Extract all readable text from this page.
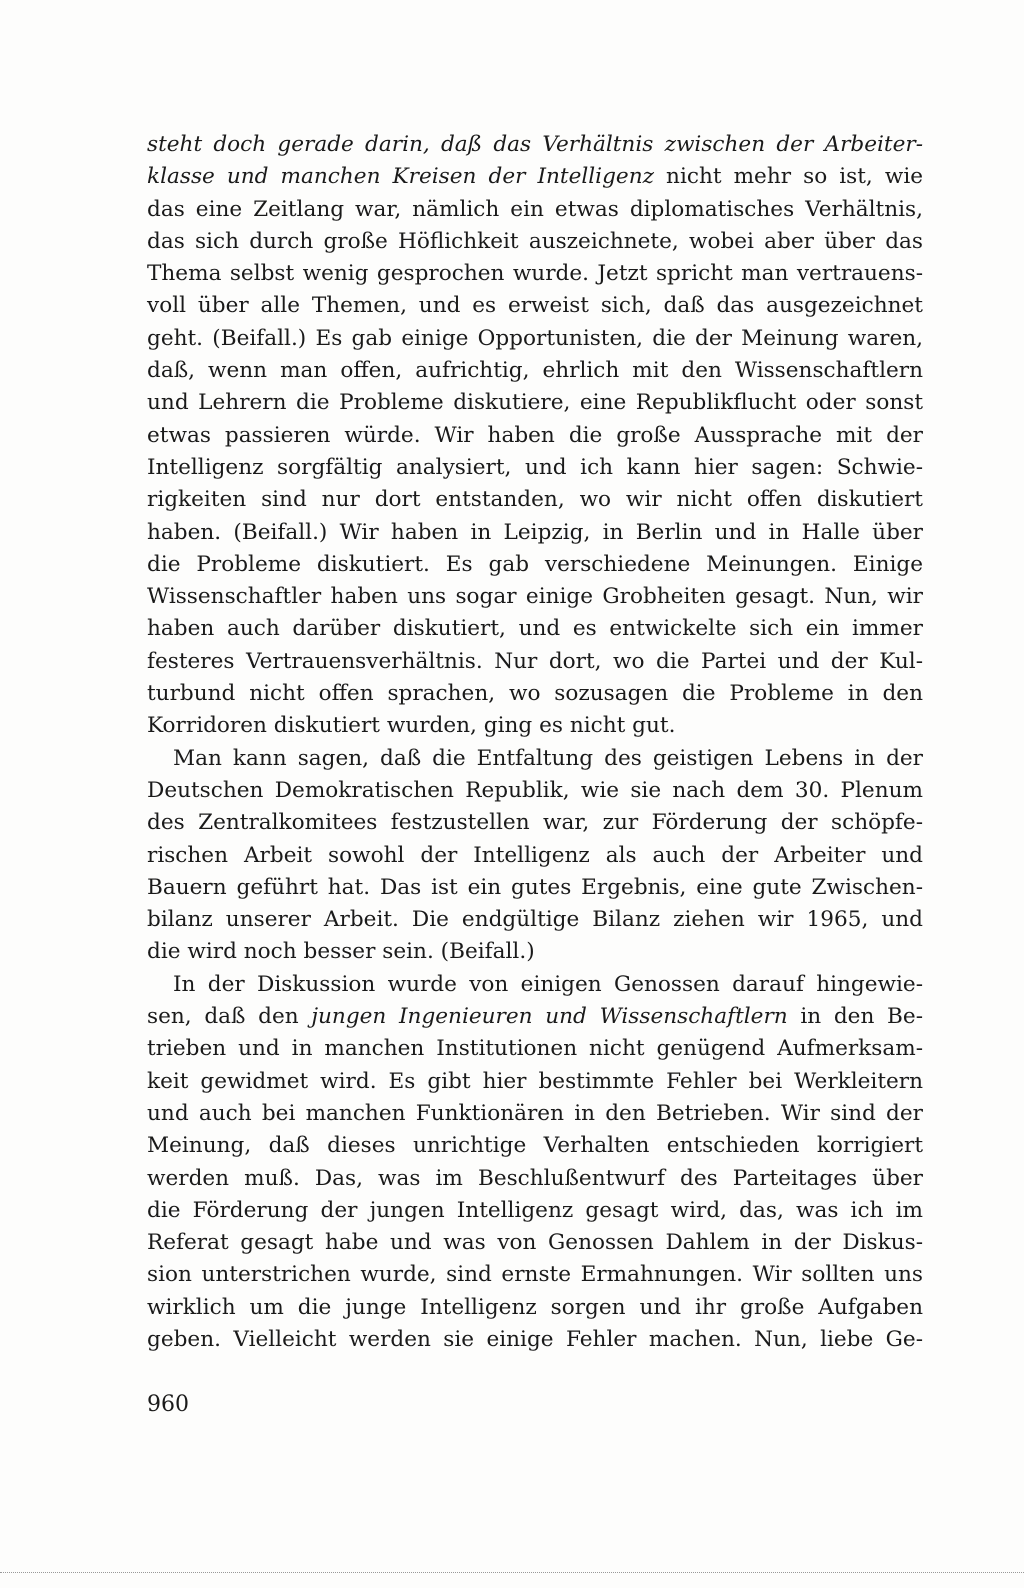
steht doch gerade darin, daß das Verhältnis zwischen der Arbeiter-
klasse und manchen Kreisen der Intelligenz nicht mehr so ist, wie
das eine Zeitlang war, nämlich ein etwas diplomatisches Verhältnis,
das sich durch große Höflichkeit auszeichnete, wobei aber über das
Thema selbst wenig gesprochen wurde. Jetzt spricht man vertrauens-
voll über alle Themen, und es erweist sich, daß das ausgezeichnet
geht. (Beifall.) Es gab einige Opportunisten, die der Meinung waren,
daß, wenn man offen, aufrichtig, ehrlich mit den Wissenschaftlern
und Lehrern die Probleme diskutiere, eine Republikflucht oder sonst
etwas passieren würde. Wir haben die große Aussprache mit der
Intelligenz sorgfältig analysiert, und ich kann hier sagen: Schwie-
rigkeiten sind nur dort entstanden, wo wir nicht offen diskutiert
haben. (Beifall.) Wir haben in Leipzig, in Berlin und in Halle über
die Probleme diskutiert. Es gab verschiedene Meinungen. Einige
Wissenschaftler haben uns sogar einige Grobheiten gesagt. Nun, wir
haben auch darüber diskutiert, und es entwickelte sich ein immer
festeres Vertrauensverhältnis. Nur dort, wo die Partei und der Kul-
turbund nicht offen sprachen, wo sozusagen die Probleme in den
Korridoren diskutiert wurden, ging es nicht gut.
Man kann sagen, daß die Entfaltung des geistigen Lebens in der
Deutschen Demokratischen Republik, wie sie nach dem 30. Plenum
des Zentralkomitees festzustellen war, zur Förderung der schöpfe-
rischen Arbeit sowohl der Intelligenz als auch der Arbeiter und
Bauern geführt hat. Das ist ein gutes Ergebnis, eine gute Zwischen-
bilanz unserer Arbeit. Die endgültige Bilanz ziehen wir 1965, und
die wird noch besser sein. (Beifall.)
In der Diskussion wurde von einigen Genossen darauf hingewie-
sen, daß den jungen Ingenieuren und Wissenschaftlern in den Be-
trieben und in manchen Institutionen nicht genügend Aufmerksam-
keit gewidmet wird. Es gibt hier bestimmte Fehler bei Werkleitern
und auch bei manchen Funktionären in den Betrieben. Wir sind der
Meinung, daß dieses unrichtige Verhalten entschieden korrigiert
werden muß. Das, was im Beschlußentwurf des Parteitages über
die Förderung der jungen Intelligenz gesagt wird, das, was ich im
Referat gesagt habe und was von Genossen Dahlem in der Diskus-
sion unterstrichen wurde, sind ernste Ermahnungen. Wir sollten uns
wirklich um die junge Intelligenz sorgen und ihr große Aufgaben
geben. Vielleicht werden sie einige Fehler machen. Nun, liebe Ge-
960
